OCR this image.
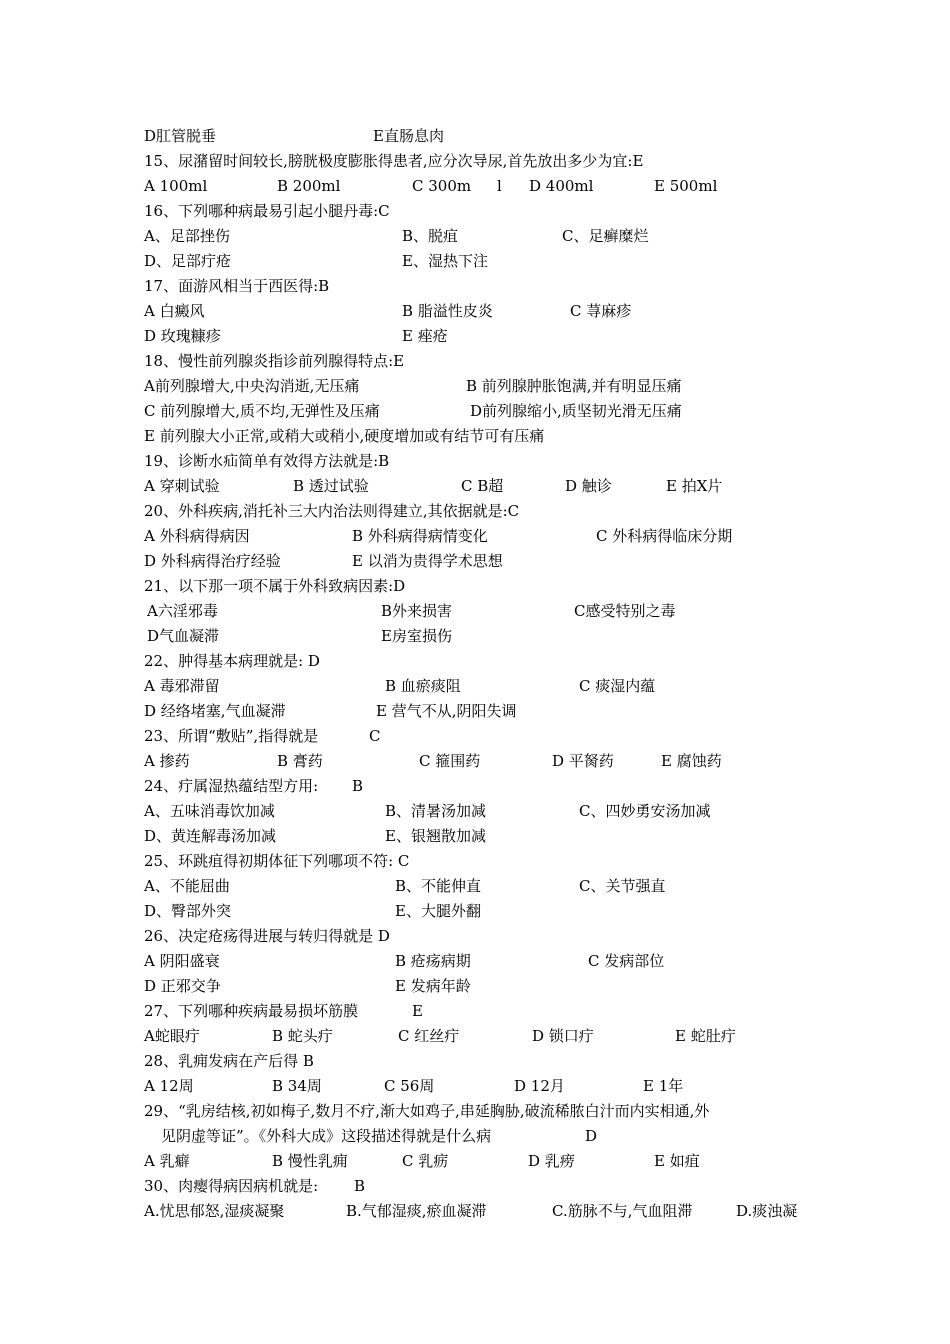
D肛管脱垂	E直肠息肉
15、尿潴留时间较长,膀胱极度膨胀得患者,应分次导尿,首先放出多少为宜:E
A 100ml	B 200ml	C 300m l D 400ml	E 500ml
16、下列哪种病最易引起小腿丹毒:C
A、足部挫伤	B、脱疽	C、足癣糜烂
D、足部疔疮	E、湿热下注
17、面游风相当于西医得:B
A 白癜风	B 脂溢性皮炎	C 荨麻疹
D 玫瑰糠疹	E 痤疮
18、慢性前列腺炎指诊前列腺得特点:E
A前列腺增大,中央沟消逝,无压痛	B 前列腺肿胀饱满,并有明显压痛
C 前列腺增大,质不均,无弹性及压痛	D前列腺缩小,质坚韧光滑无压痛
E 前列腺大小正常,或稍大或稍小,硬度增加或有结节可有压痛
19、诊断水疝简单有效得方法就是:B
A 穿刺试验	B 透过试验	C B超	D 触诊	E 拍X片
20、外科疾病,消托补三大内治法则得建立,其依据就是:C
A 外科病得病因	B 外科病得病情变化	C 外科病得临床分期
D 外科病得治疗经验	E 以消为贵得学术思想
21、以下那一项不属于外科致病因素:D
A六淫邪毒	B外来损害	C感受特别之毒
D气血凝滞	E房室损伤
22、肿得基本病理就是: D
A 毒邪滞留	B 血瘀痰阻	C 痰湿内蕴
D 经络堵塞,气血凝滞	E 营气不从,阴阳失调
23、所谓“敷贴”,指得就是	C
A 掺药	B 膏药	C 箍围药	D 平胬药	E 腐蚀药
24、疔属湿热蕴结型方用: B
A、五味消毒饮加减	B、清暑汤加减	C、四妙勇安汤加减
D、黄连解毒汤加减	E、银翘散加减
25、环跳疽得初期体征下列哪项不符: C
A、不能屈曲	B、不能伸直	C、关节强直
D、臀部外突	E、大腿外翻
26、决定疮疡得进展与转归得就是 D
A 阴阳盛衰	B 疮疡病期	C 发病部位
D 正邪交争	E 发病年龄
27、下列哪种疾病最易损坏筋膜	E
A蛇眼疔	B 蛇头疔	C 红丝疔	D 锁口疔	E 蛇肚疔
28、乳痈发病在产后得 B
A 12周	B 34周	C 56周	D 12月	E 1年
29、“乳房结核,初如梅子,数月不疗,渐大如鸡子,串延胸胁,破流稀脓白汁而内实相通,外
见阴虚等证”。《外科大成》这段描述得就是什么病	D
A 乳癖	B 慢性乳痈	C 乳疬	D 乳痨	E 如疽
30、肉瘿得病因病机就是: B
A.忧思郁怒,湿痰凝聚	B.气郁湿痰,瘀血凝滞	C.筋脉不与,气血阻滞	D.痰浊凝
